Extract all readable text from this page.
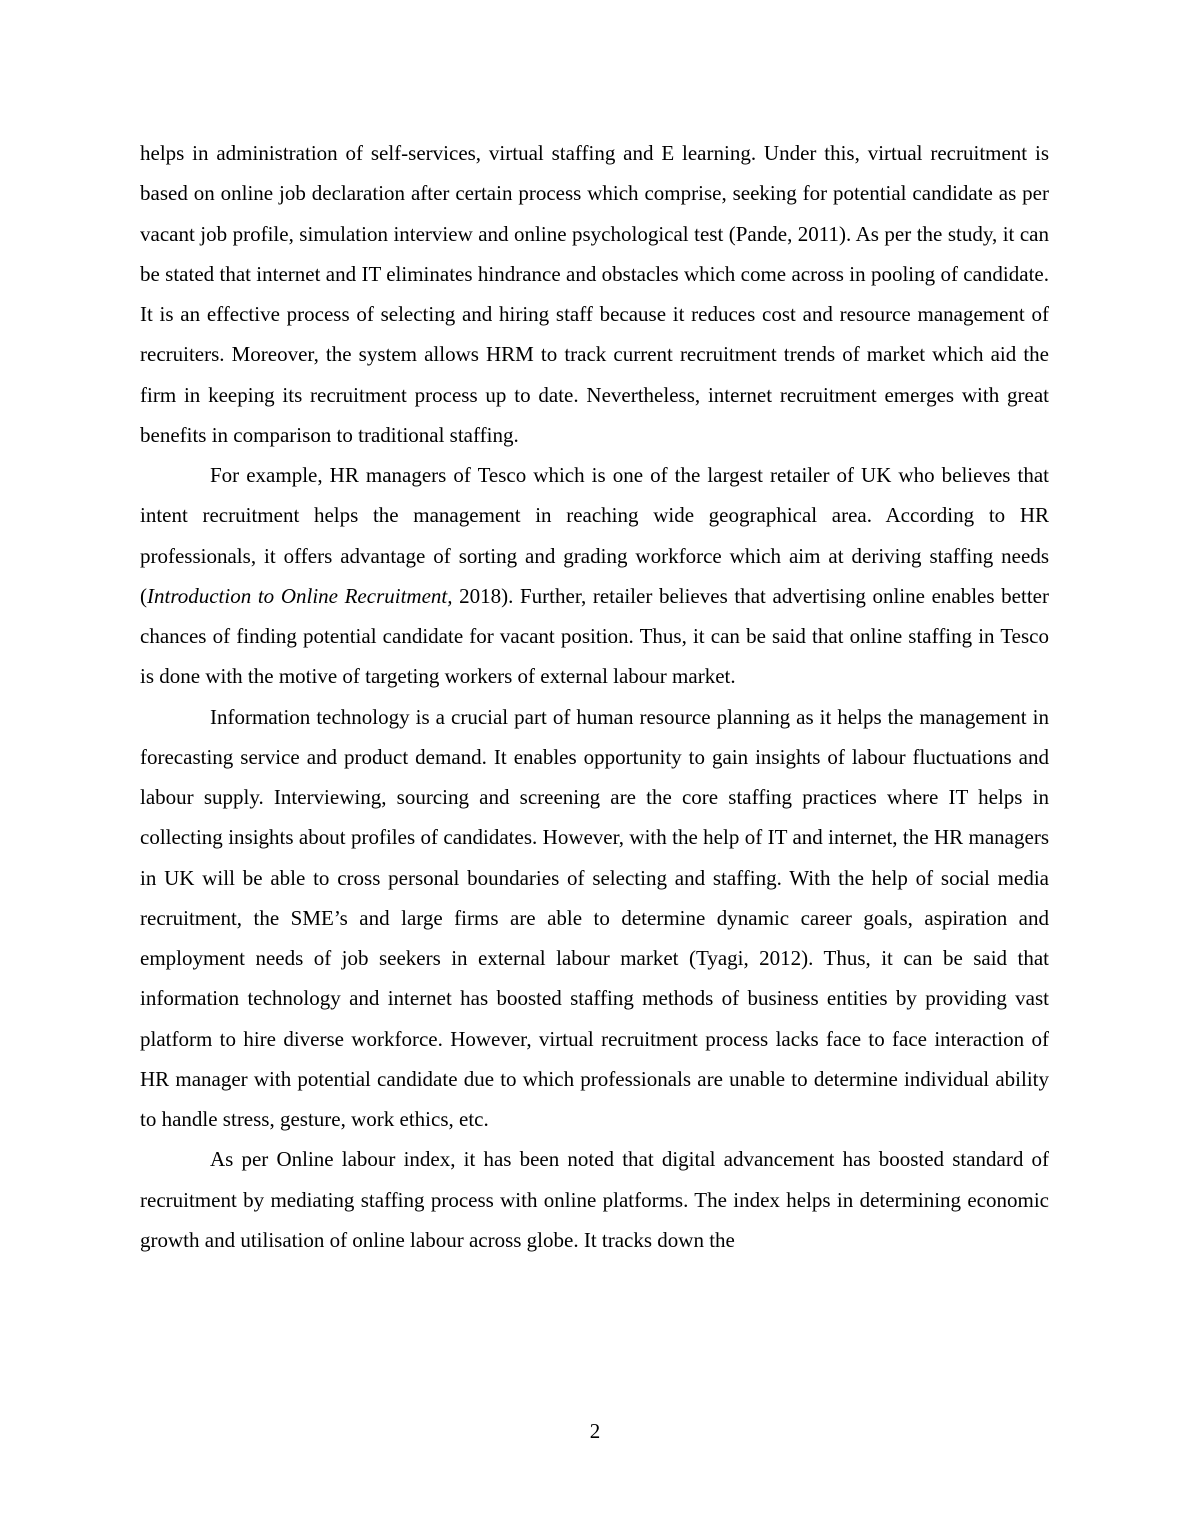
helps in administration of self-services, virtual staffing and E learning. Under this, virtual recruitment is based on online job declaration after certain process which comprise, seeking for potential candidate as per vacant job profile, simulation interview and online psychological test (Pande, 2011). As per the study, it can be stated that internet and IT eliminates hindrance and obstacles which come across in pooling of candidate. It is an effective process of selecting and hiring staff because it reduces cost and resource management of recruiters. Moreover, the system allows HRM to track current recruitment trends of market which aid the firm in keeping its recruitment process up to date. Nevertheless, internet recruitment emerges with great benefits in comparison to traditional staffing.

For example, HR managers of Tesco which is one of the largest retailer of UK who believes that intent recruitment helps the management in reaching wide geographical area. According to HR professionals, it offers advantage of sorting and grading workforce which aim at deriving staffing needs (Introduction to Online Recruitment, 2018). Further, retailer believes that advertising online enables better chances of finding potential candidate for vacant position. Thus, it can be said that online staffing in Tesco is done with the motive of targeting workers of external labour market.

Information technology is a crucial part of human resource planning as it helps the management in forecasting service and product demand. It enables opportunity to gain insights of labour fluctuations and labour supply. Interviewing, sourcing and screening are the core staffing practices where IT helps in collecting insights about profiles of candidates. However, with the help of IT and internet, the HR managers in UK will be able to cross personal boundaries of selecting and staffing. With the help of social media recruitment, the SME’s and large firms are able to determine dynamic career goals, aspiration and employment needs of job seekers in external labour market (Tyagi, 2012). Thus, it can be said that information technology and internet has boosted staffing methods of business entities by providing vast platform to hire diverse workforce. However, virtual recruitment process lacks face to face interaction of HR manager with potential candidate due to which professionals are unable to determine individual ability to handle stress, gesture, work ethics, etc.

As per Online labour index, it has been noted that digital advancement has boosted standard of recruitment by mediating staffing process with online platforms. The index helps in determining economic growth and utilisation of online labour across globe. It tracks down the

2
